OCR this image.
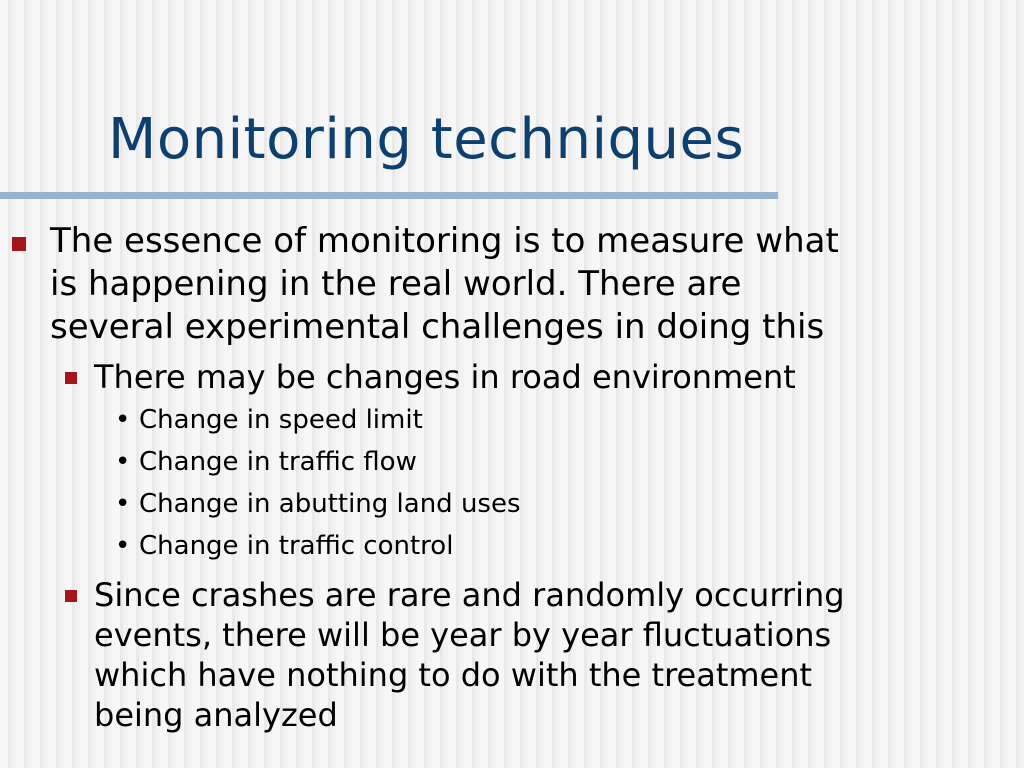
Monitoring techniques
The essence of monitoring is to measure what
is happening in the real world. There are
several experimental challenges in doing this
There may be changes in road environment
• Change in speed limit
• Change in traffic flow
• Change in abutting land uses
• Change in traffic control
Since crashes are rare and randomly occurring
events, there will be year by year fluctuations
which have nothing to do with the treatment
being analyzed
